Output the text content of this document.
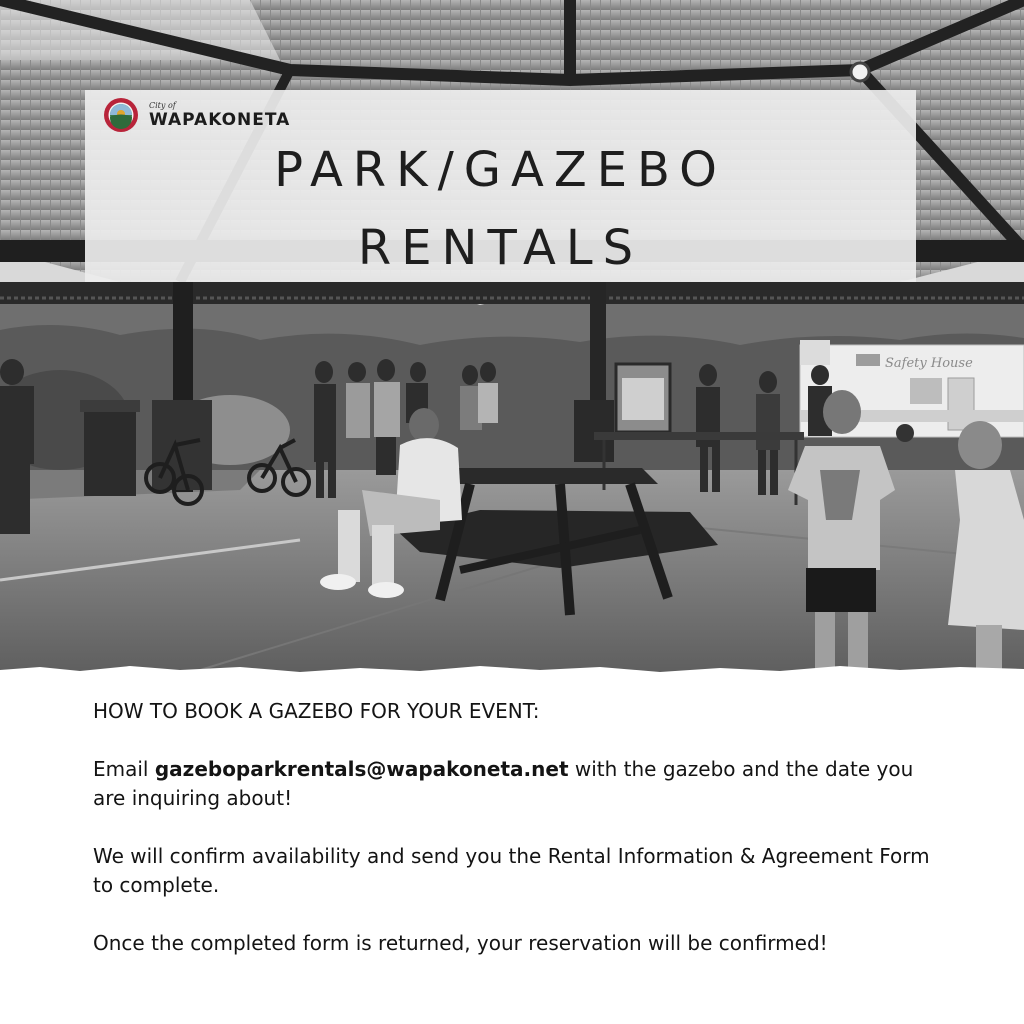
Safety House
City of
WAPAKONETA
PARK/GAZEBO
RENTALS
HOW TO BOOK A GAZEBO FOR YOUR EVENT:
Email gazeboparkrentals@wapakoneta.net with the gazebo and the date you are inquiring about!
We will confirm availability and send you the Rental Information & Agreement Form to complete.
Once the completed form is returned, your reservation will be confirmed!
